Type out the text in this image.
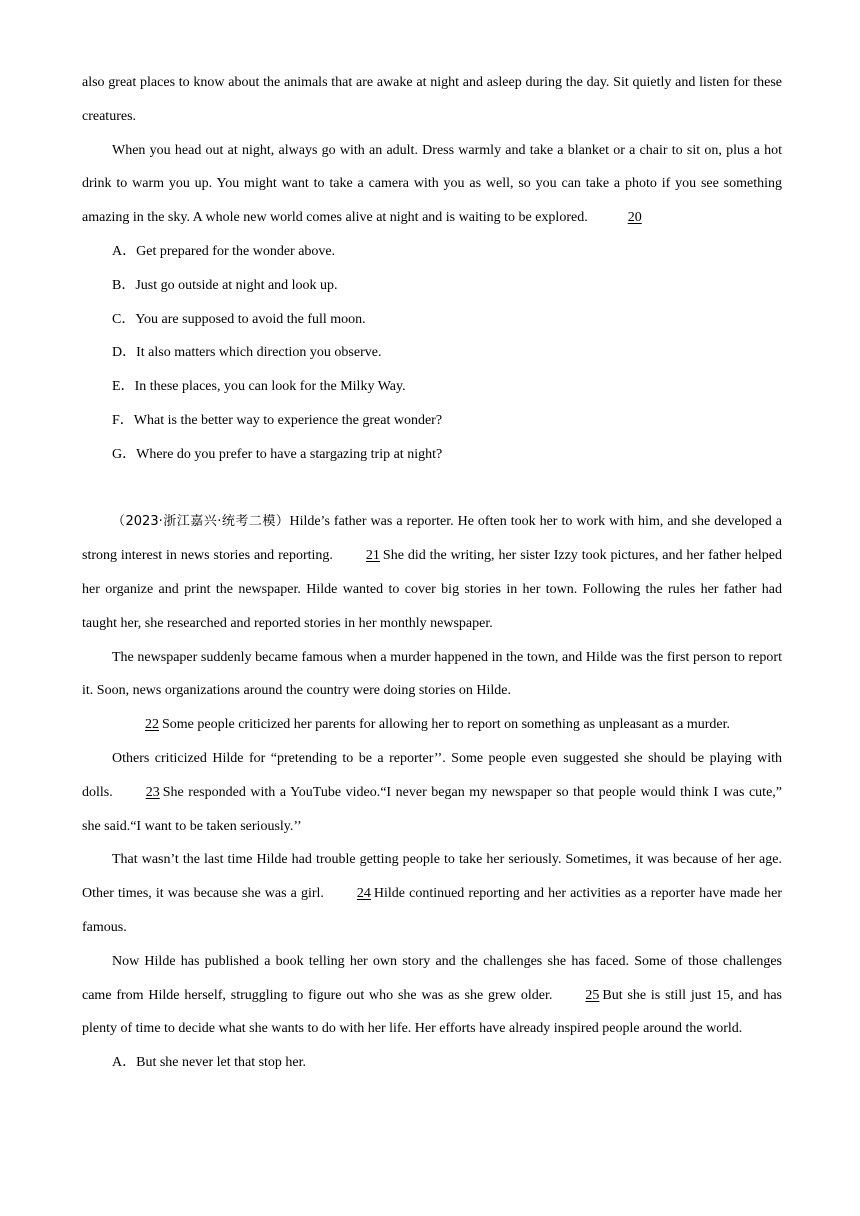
also great places to know about the animals that are awake at night and asleep during the day. Sit quietly and listen for these creatures.

When you head out at night, always go with an adult. Dress warmly and take a blanket or a chair to sit on, plus a hot drink to warm you up. You might want to take a camera with you as well, so you can take a photo if you see something amazing in the sky. A whole new world comes alive at night and is waiting to be explored.	20

A．Get prepared for the wonder above.

B．Just go outside at night and look up.

C．You are supposed to avoid the full moon.

D．It also matters which direction you observe.

E．In these places, you can look for the Milky Way.

F．What is the better way to experience the great wonder?

G．Where do you prefer to have a stargazing trip at night?

（2023·浙江嘉兴·统考二模）Hilde’s father was a reporter. He often took her to work with him, and she developed a strong interest in news stories and reporting. 21 She did the writing, her sister Izzy took pictures, and her father helped her organize and print the newspaper. Hilde wanted to cover big stories in her town. Following the rules her father had taught her, she researched and reported stories in her monthly newspaper.

The newspaper suddenly became famous when a murder happened in the town, and Hilde was the first person to report it. Soon, news organizations around the country were doing stories on Hilde.

22 Some people criticized her parents for allowing her to report on something as unpleasant as a murder.

Others criticized Hilde for “pretending to be a reporter’’. Some people even suggested she should be playing with dolls. 23 She responded with a YouTube video.“I never began my newspaper so that people would think I was cute,” she said.“I want to be taken seriously.’’

That wasn’t the last time Hilde had trouble getting people to take her seriously. Sometimes, it was because of her age. Other times, it was because she was a girl. 24 Hilde continued reporting and her activities as a reporter have made her famous.

Now Hilde has published a book telling her own story and the challenges she has faced. Some of those challenges came from Hilde herself, struggling to figure out who she was as she grew older. 25 But she is still just 15, and has plenty of time to decide what she wants to do with her life. Her efforts have already inspired people around the world.

A．But she never let that stop her.
